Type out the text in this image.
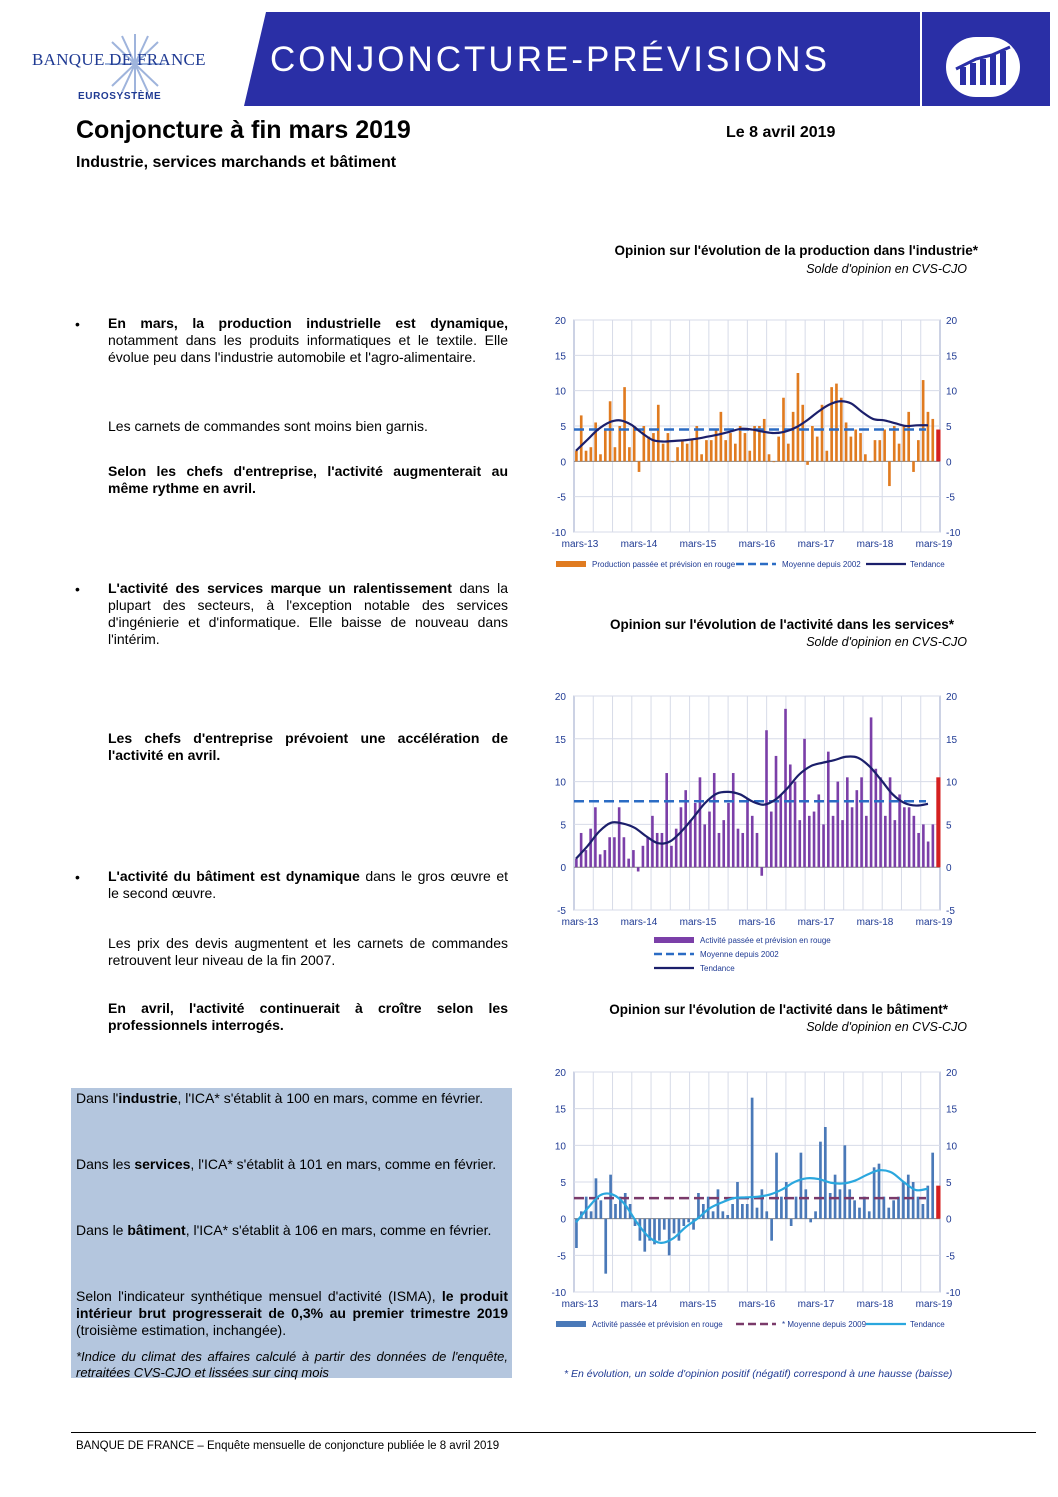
BANQUE DE FRANCE
EUROSYSTÈME
CONJONCTURE-PRÉVISIONS
Conjoncture à fin mars 2019	Le 8 avril 2019
Industrie, services marchands et bâtiment
• En mars, la production industrielle est dynamique, notamment dans les produits informatiques et le textile. Elle évolue peu dans l'industrie automobile et l'agro-alimentaire.
Les carnets de commandes sont moins bien garnis.
Selon les chefs d'entreprise, l'activité augmenterait au même rythme en avril.
• L'activité des services marque un ralentissement dans la plupart des secteurs, à l'exception notable des services d'ingénierie et d'informatique. Elle baisse de nouveau dans l'intérim.
Les chefs d'entreprise prévoient une accélération de l'activité en avril.
• L'activité du bâtiment est dynamique dans le gros œuvre et le second œuvre.
Les prix des devis augmentent et les carnets de commandes retrouvent leur niveau de la fin 2007.
En avril, l'activité continuerait à croître selon les professionnels interrogés.
Dans l'industrie, l'ICA* s'établit à 100 en mars, comme en février.
Dans les services, l'ICA* s'établit à 101 en mars, comme en février.
Dans le bâtiment, l'ICA* s'établit à 106 en mars, comme en février.
Selon l'indicateur synthétique mensuel d'activité (ISMA), le produit intérieur brut progresserait de 0,3% au premier trimestre 2019 (troisième estimation, inchangée).
*Indice du climat des affaires calculé à partir des données de l'enquête, retraitées CVS-CJO et lissées sur cinq mois
Opinion sur l'évolution de la production dans l'industrie*
Solde d'opinion en CVS-CJO
-10	-10
-5	-5
0	0
5	5
10	10
15	15
20	20
mars-13 mars-14 mars-15 mars-16 mars-17 mars-18 mars-19
Production passée et prévision en rouge	Moyenne depuis 2002	Tendance
Opinion sur l'évolution de l'activité dans les services*
Solde d'opinion en CVS-CJO
-5	-5
0	0
5	5
10	10
15	15
20	20
mars-13 mars-14 mars-15 mars-16 mars-17 mars-18 mars-19
Activité passée et prévision en rouge
Moyenne depuis 2002
Tendance
Opinion sur l'évolution de l'activité dans le bâtiment*
Solde d'opinion en CVS-CJO
-10	-10
-5	-5
0	0
5	5
10	10
15	15
20	20
mars-13 mars-14 mars-15 mars-16 mars-17 mars-18 mars-19
Activité passée et prévision en rouge	* Moyenne depuis 2009	Tendance
* En évolution, un solde d'opinion positif (négatif) correspond à une hausse (baisse)
BANQUE DE FRANCE – Enquête mensuelle de conjoncture publiée le 8 avril 2019
